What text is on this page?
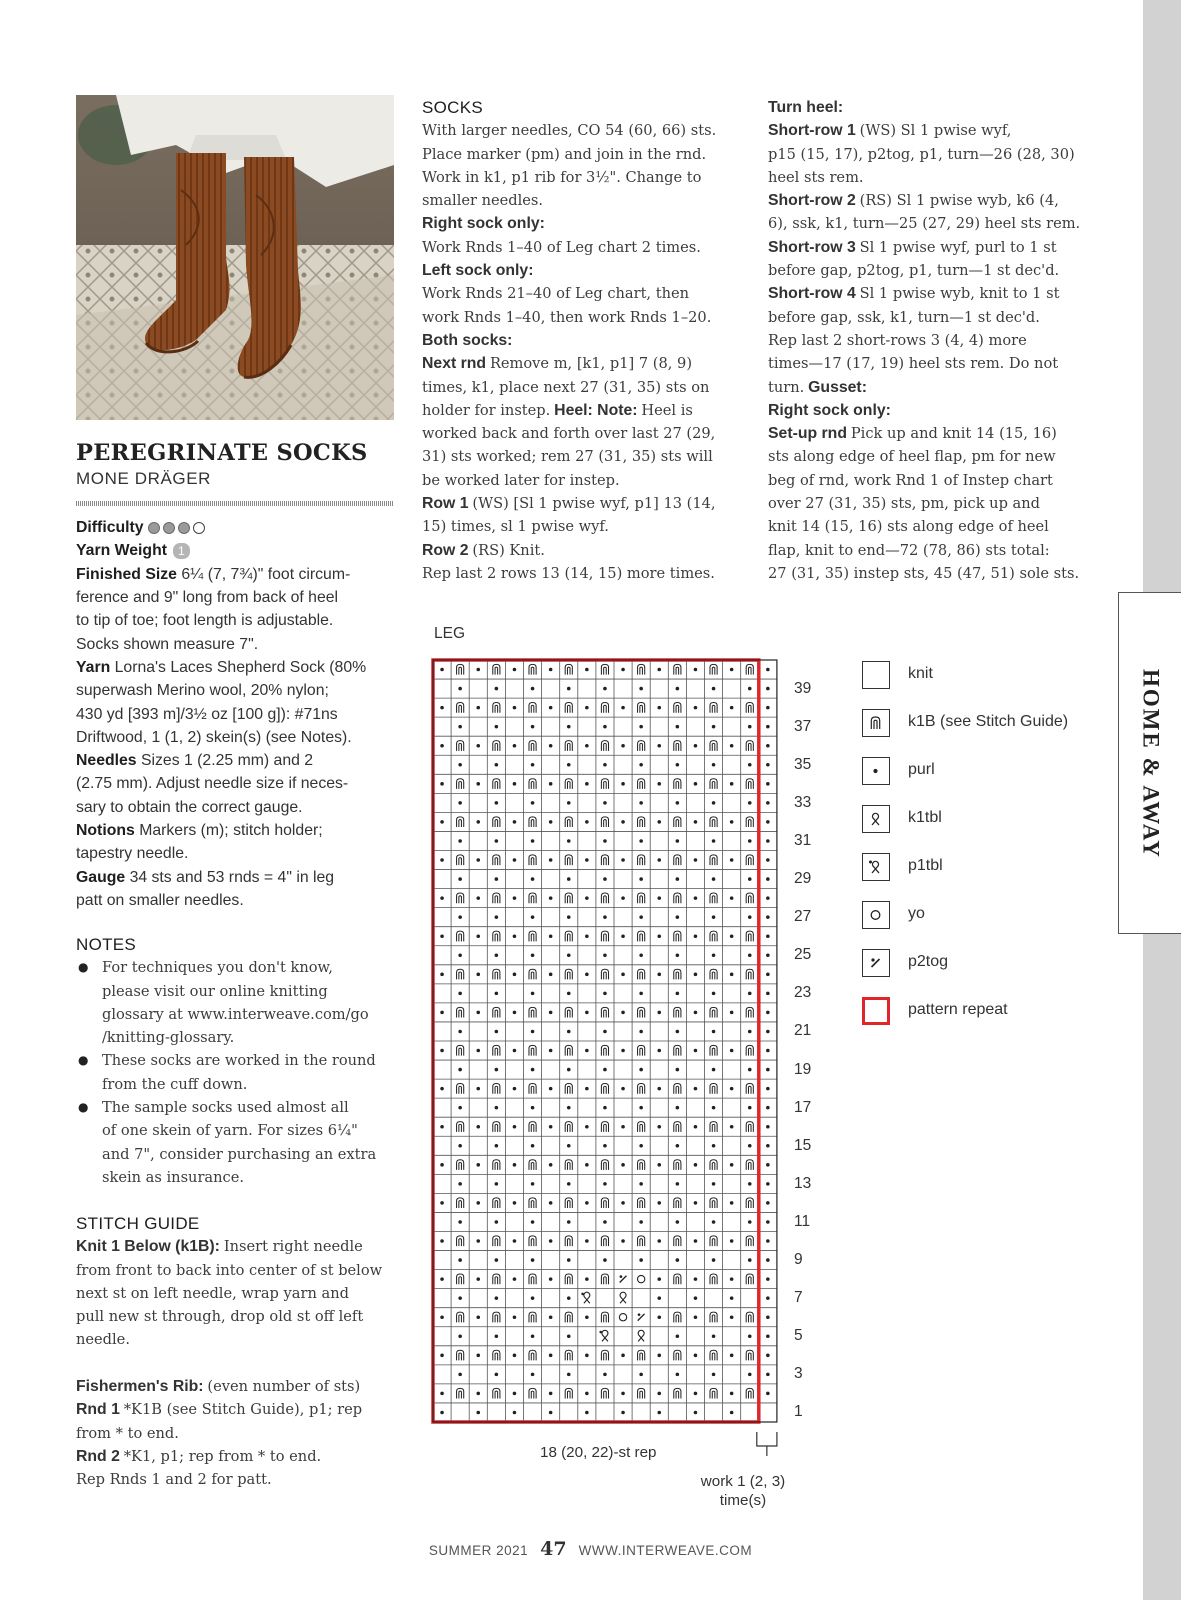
HOME & AWAY
PEREGRINATE SOCKS
MONE DRÄGER
Difficulty
Yarn Weight 1
Finished Size 6¼ (7, 7¾)" foot circum-
ference and 9" long from back of heel
to tip of toe; foot length is adjustable.
Socks shown measure 7".
Yarn Lorna's Laces Shepherd Sock (80%
superwash Merino wool, 20% nylon;
430 yd [393 m]/3½ oz [100 g]): #71ns
Driftwood, 1 (1, 2) skein(s) (see Notes).
Needles Sizes 1 (2.25 mm) and 2
(2.75 mm). Adjust needle size if neces-
sary to obtain the correct gauge.
Notions Markers (m); stitch holder;
tapestry needle.
Gauge 34 sts and 53 rnds = 4" in leg
patt on smaller needles.
NOTES
● For techniques you don't know,
please visit our online knitting
glossary at www.interweave.com/go
/knitting-glossary.
● These socks are worked in the round
from the cuff down.
● The sample socks used almost all
of one skein of yarn. For sizes 6¼"
and 7", consider purchasing an extra
skein as insurance.
STITCH GUIDE
Knit 1 Below (k1B): Insert right needle
from front to back into center of st below
next st on left needle, wrap yarn and
pull new st through, drop old st off left
needle.

Fishermen's Rib: (even number of sts)
Rnd 1 *K1B (see Stitch Guide), p1; rep
from * to end.
Rnd 2 *K1, p1; rep from * to end.
Rep Rnds 1 and 2 for patt.
SOCKS
With larger needles, CO 54 (60, 66) sts.
Place marker (pm) and join in the rnd.
Work in k1, p1 rib for 3½". Change to
smaller needles.
Right sock only:
Work Rnds 1–40 of Leg chart 2 times.
Left sock only:
Work Rnds 21–40 of Leg chart, then
work Rnds 1–40, then work Rnds 1–20.
Both socks:
Next rnd Remove m, [k1, p1] 7 (8, 9)
times, k1, place next 27 (31, 35) sts on
holder for instep. Heel: Note: Heel is
worked back and forth over last 27 (29,
31) sts worked; rem 27 (31, 35) sts will
be worked later for instep.
Row 1 (WS) [Sl 1 pwise wyf, p1] 13 (14,
15) times, sl 1 pwise wyf.
Row 2 (RS) Knit.
Rep last 2 rows 13 (14, 15) more times.
Turn heel:
Short-row 1 (WS) Sl 1 pwise wyf,
p15 (15, 17), p2tog, p1, turn—26 (28, 30)
heel sts rem.
Short-row 2 (RS) Sl 1 pwise wyb, k6 (4,
6), ssk, k1, turn—25 (27, 29) heel sts rem.
Short-row 3 Sl 1 pwise wyf, purl to 1 st
before gap, p2tog, p1, turn—1 st dec'd.
Short-row 4 Sl 1 pwise wyb, knit to 1 st
before gap, ssk, k1, turn—1 st dec'd.
Rep last 2 short-rows 3 (4, 4) more
times—17 (17, 19) heel sts rem. Do not
turn. Gusset:
Right sock only:
Set-up rnd Pick up and knit 14 (15, 16)
sts along edge of heel flap, pm for new
beg of rnd, work Rnd 1 of Instep chart
over 27 (31, 35) sts, pm, pick up and
knit 14 (15, 16) sts along edge of heel
flap, knit to end—72 (78, 86) sts total:
27 (31, 35) instep sts, 45 (47, 51) sole sts.
LEG
39
37
35
33
31
29
27
25
23
21
19
17
15
13
11
9
7
5
3
1
18 (20, 22)-st rep
work 1 (2, 3)
time(s)
knit
k1B (see Stitch Guide)
purl
k1tbl
p1tbl
yo
p2tog
pattern repeat
SUMMER 2021 47 WWW.INTERWEAVE.COM
